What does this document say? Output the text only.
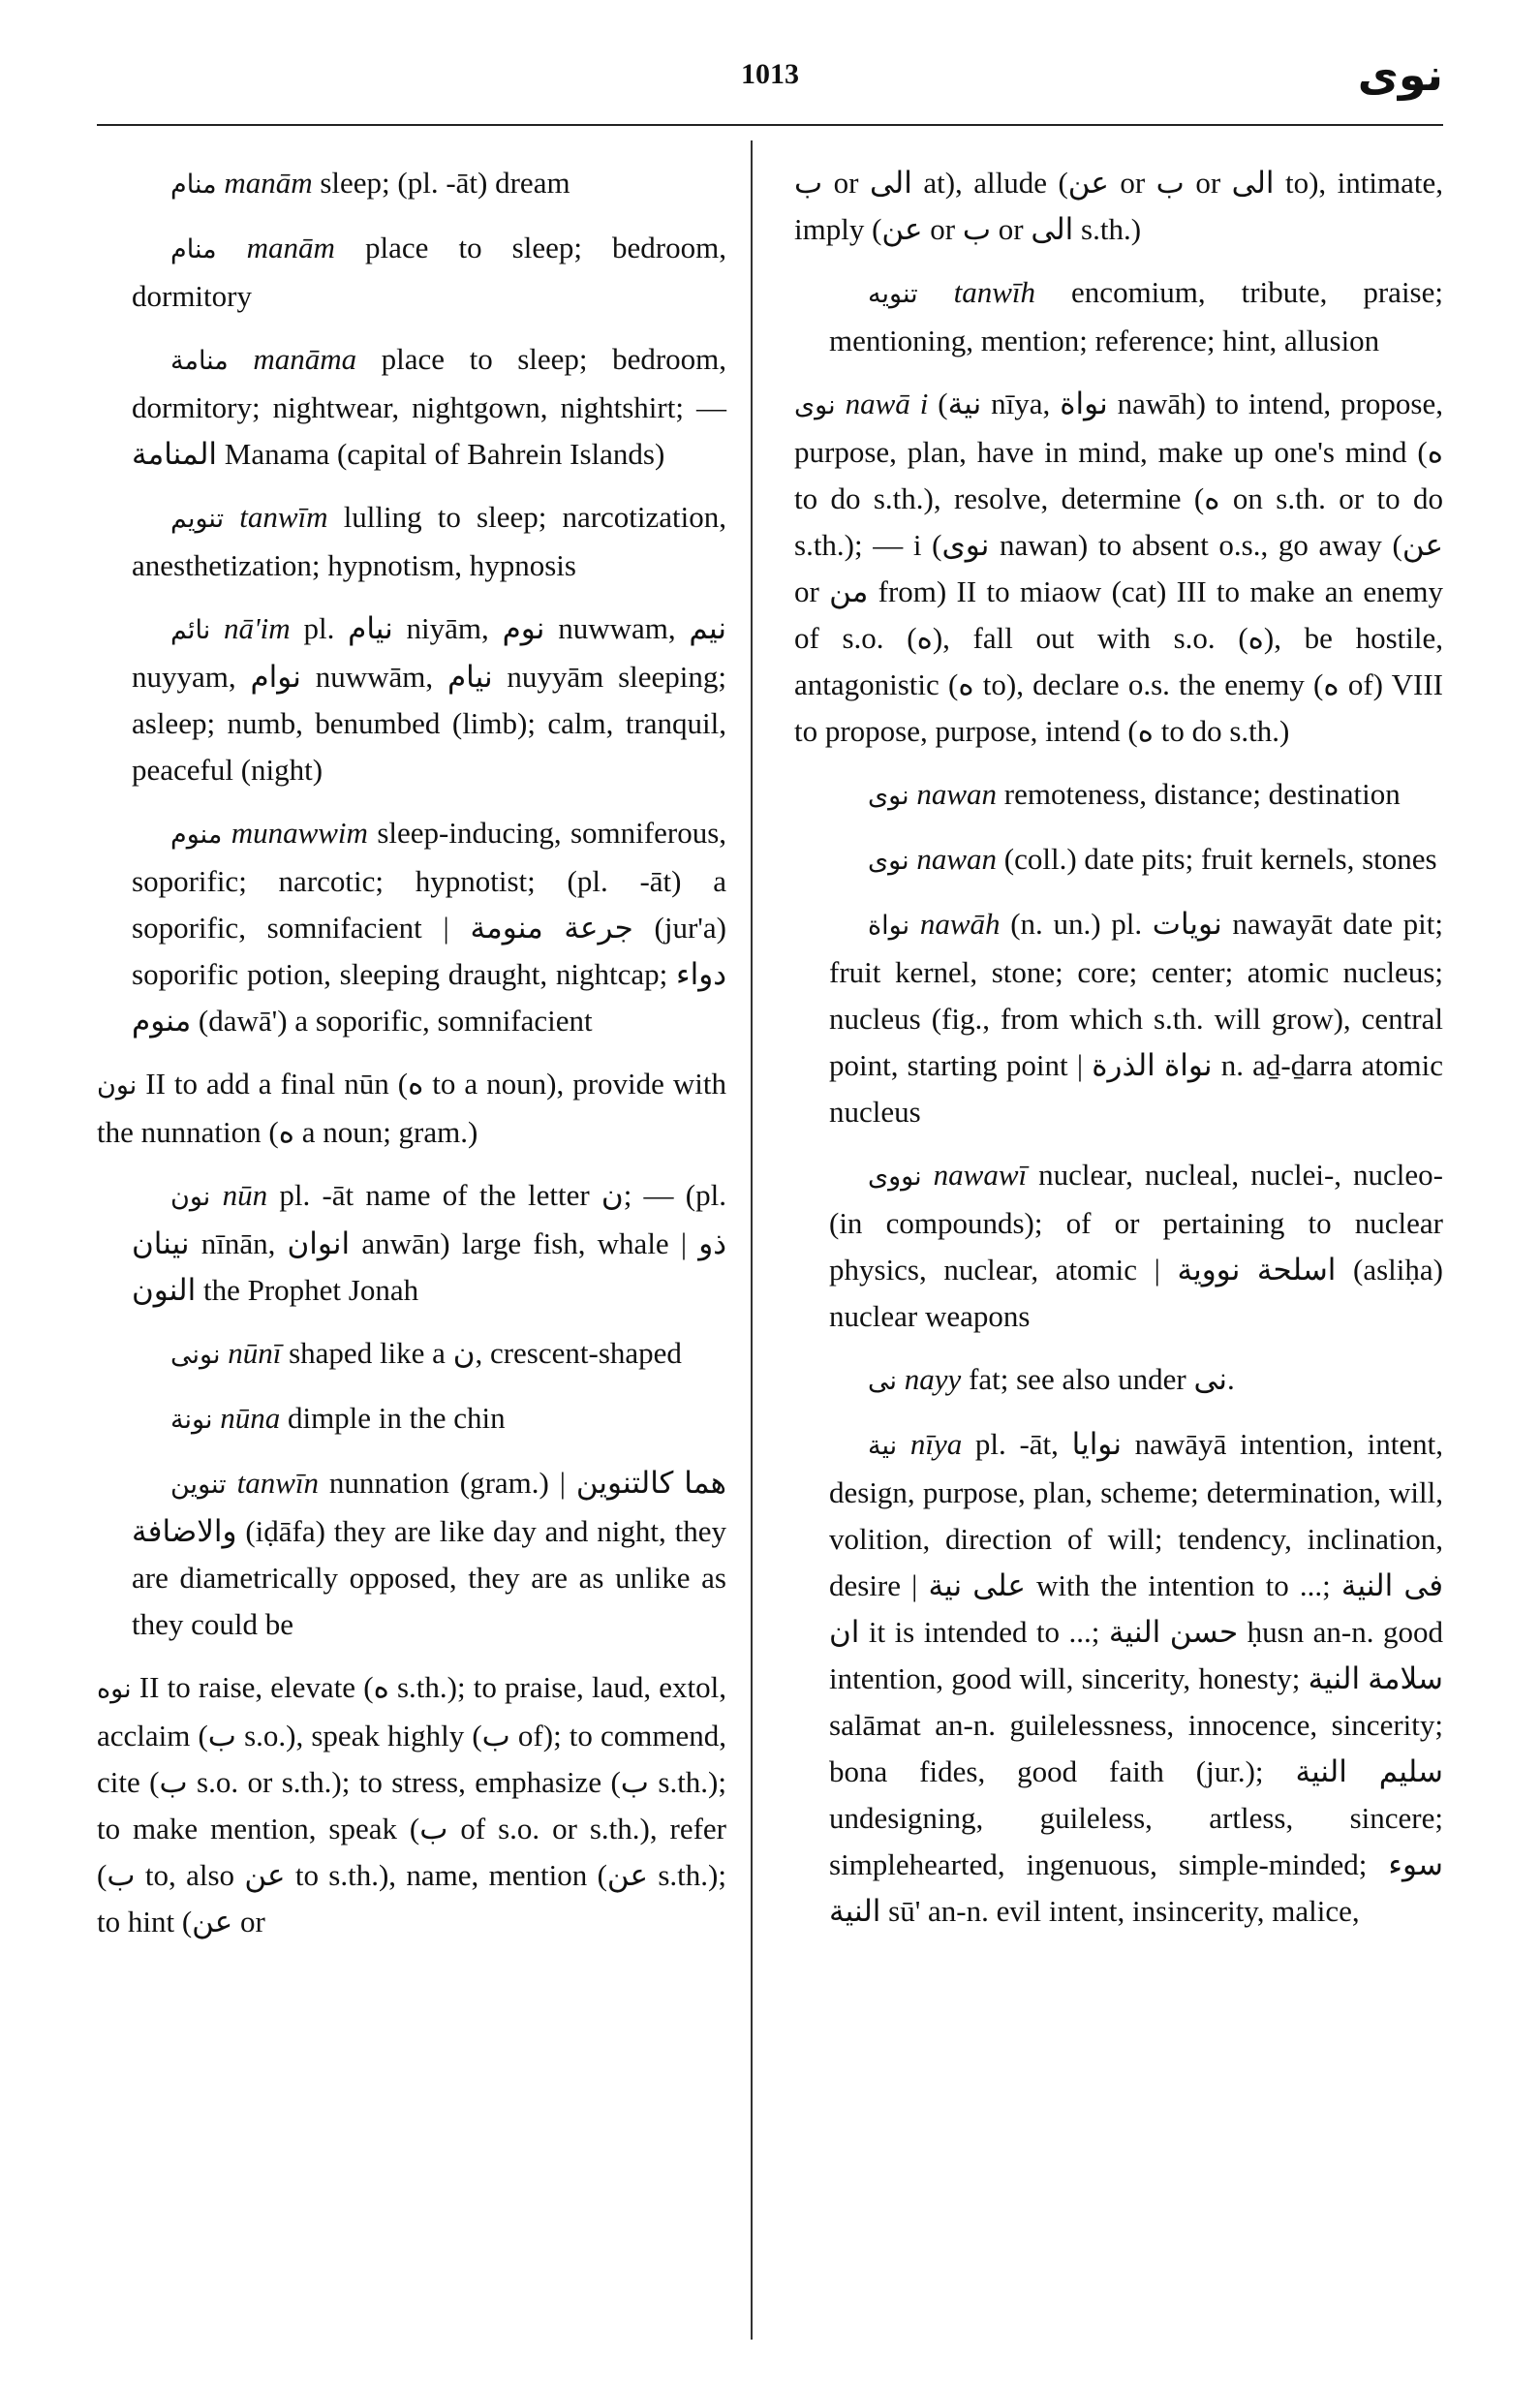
1013	نوى

منام manām sleep; (pl. -āt) dream

منام manām place to sleep; bedroom, dormitory

منامة manāma place to sleep; bedroom, dormitory; nightwear, nightgown, nightshirt; — المنامة Manama (capital of Bahrein Islands)

تنويم tanwīm lulling to sleep; narcotization, anesthetization; hypnotism, hypnosis

نائم nā'im pl. نيام niyām, نوم nuwwam, نيم nuyyam, نوام nuwwām, نيام nuyyām sleeping; asleep; numb, benumbed (limb); calm, tranquil, peaceful (night)

منوم munawwim sleep-inducing, somniferous, soporific; narcotic; hypnotist; (pl. -āt) a soporific, somnifacient | جرعة منومة (jur'a) soporific potion, sleeping draught, nightcap; دواء منوم (dawā') a soporific, somnifacient

نون II to add a final nūn (ه to a noun), provide with the nunnation (ه a noun; gram.)

نون nūn pl. -āt name of the letter ن; — (pl. نينان nīnān, انوان anwān) large fish, whale | ذو النون the Prophet Jonah

نونى nūnī shaped like a ن, crescent-shaped

نونة nūna dimple in the chin

تنوين tanwīn nunnation (gram.) | هما كالتنوين والاضافة (iḍāfa) they are like day and night, they are diametrically opposed, they are as unlike as they could be

نوه II to raise, elevate (ه s.th.); to praise, laud, extol, acclaim (ب s.o.), speak highly (ب of); to commend, cite (ب s.o. or s.th.); to stress, emphasize (ب s.th.); to make mention, speak (ب of s.o. or s.th.), refer (ب to, also عن to s.th.), name, mention (عن s.th.); to hint (عن or

ب or الى at), allude (عن or ب or الى to), intimate, imply (عن or ب or الى s.th.)

تنويه tanwīh encomium, tribute, praise; mentioning, mention; reference; hint, allusion

نوى nawā i (نية nīya, نواة nawāh) to intend, propose, purpose, plan, have in mind, make up one's mind (ه to do s.th.), resolve, determine (ه on s.th. or to do s.th.); — i (نوى nawan) to absent o.s., go away (عن or من from) II to miaow (cat) III to make an enemy of s.o. (ه), fall out with s.o. (ه), be hostile, antagonistic (ه to), declare o.s. the enemy (ه of) VIII to propose, purpose, intend (ه to do s.th.)

نوى nawan remoteness, distance; destination

نوى nawan (coll.) date pits; fruit kernels, stones

نواة nawāh (n. un.) pl. نويات nawayāt date pit; fruit kernel, stone; core; center; atomic nucleus; nucleus (fig., from which s.th. will grow), central point, starting point | نواة الذرة n. aḏ-ḏarra atomic nucleus

نووى nawawī nuclear, nucleal, nuclei-, nucleo- (in compounds); of or pertaining to nuclear physics, nuclear, atomic | اسلحة نووية (asliḥa) nuclear weapons

نى nayy fat; see also under نى.

نية nīya pl. -āt, نوايا nawāyā intention, intent, design, purpose, plan, scheme; determination, will, volition, direction of will; tendency, inclination, desire | على نية with the intention to ...; فى النية ان it is intended to ...; حسن النية ḥusn an-n. good intention, good will, sincerity, honesty; سلامة النية salāmat an-n. guilelessness, innocence, sincerity; bona fides, good faith (jur.); سليم النية undesigning, guileless, artless, sincere; simplehearted, ingenuous, simple-minded; سوء النية sū' an-n. evil intent, insincerity, malice,
